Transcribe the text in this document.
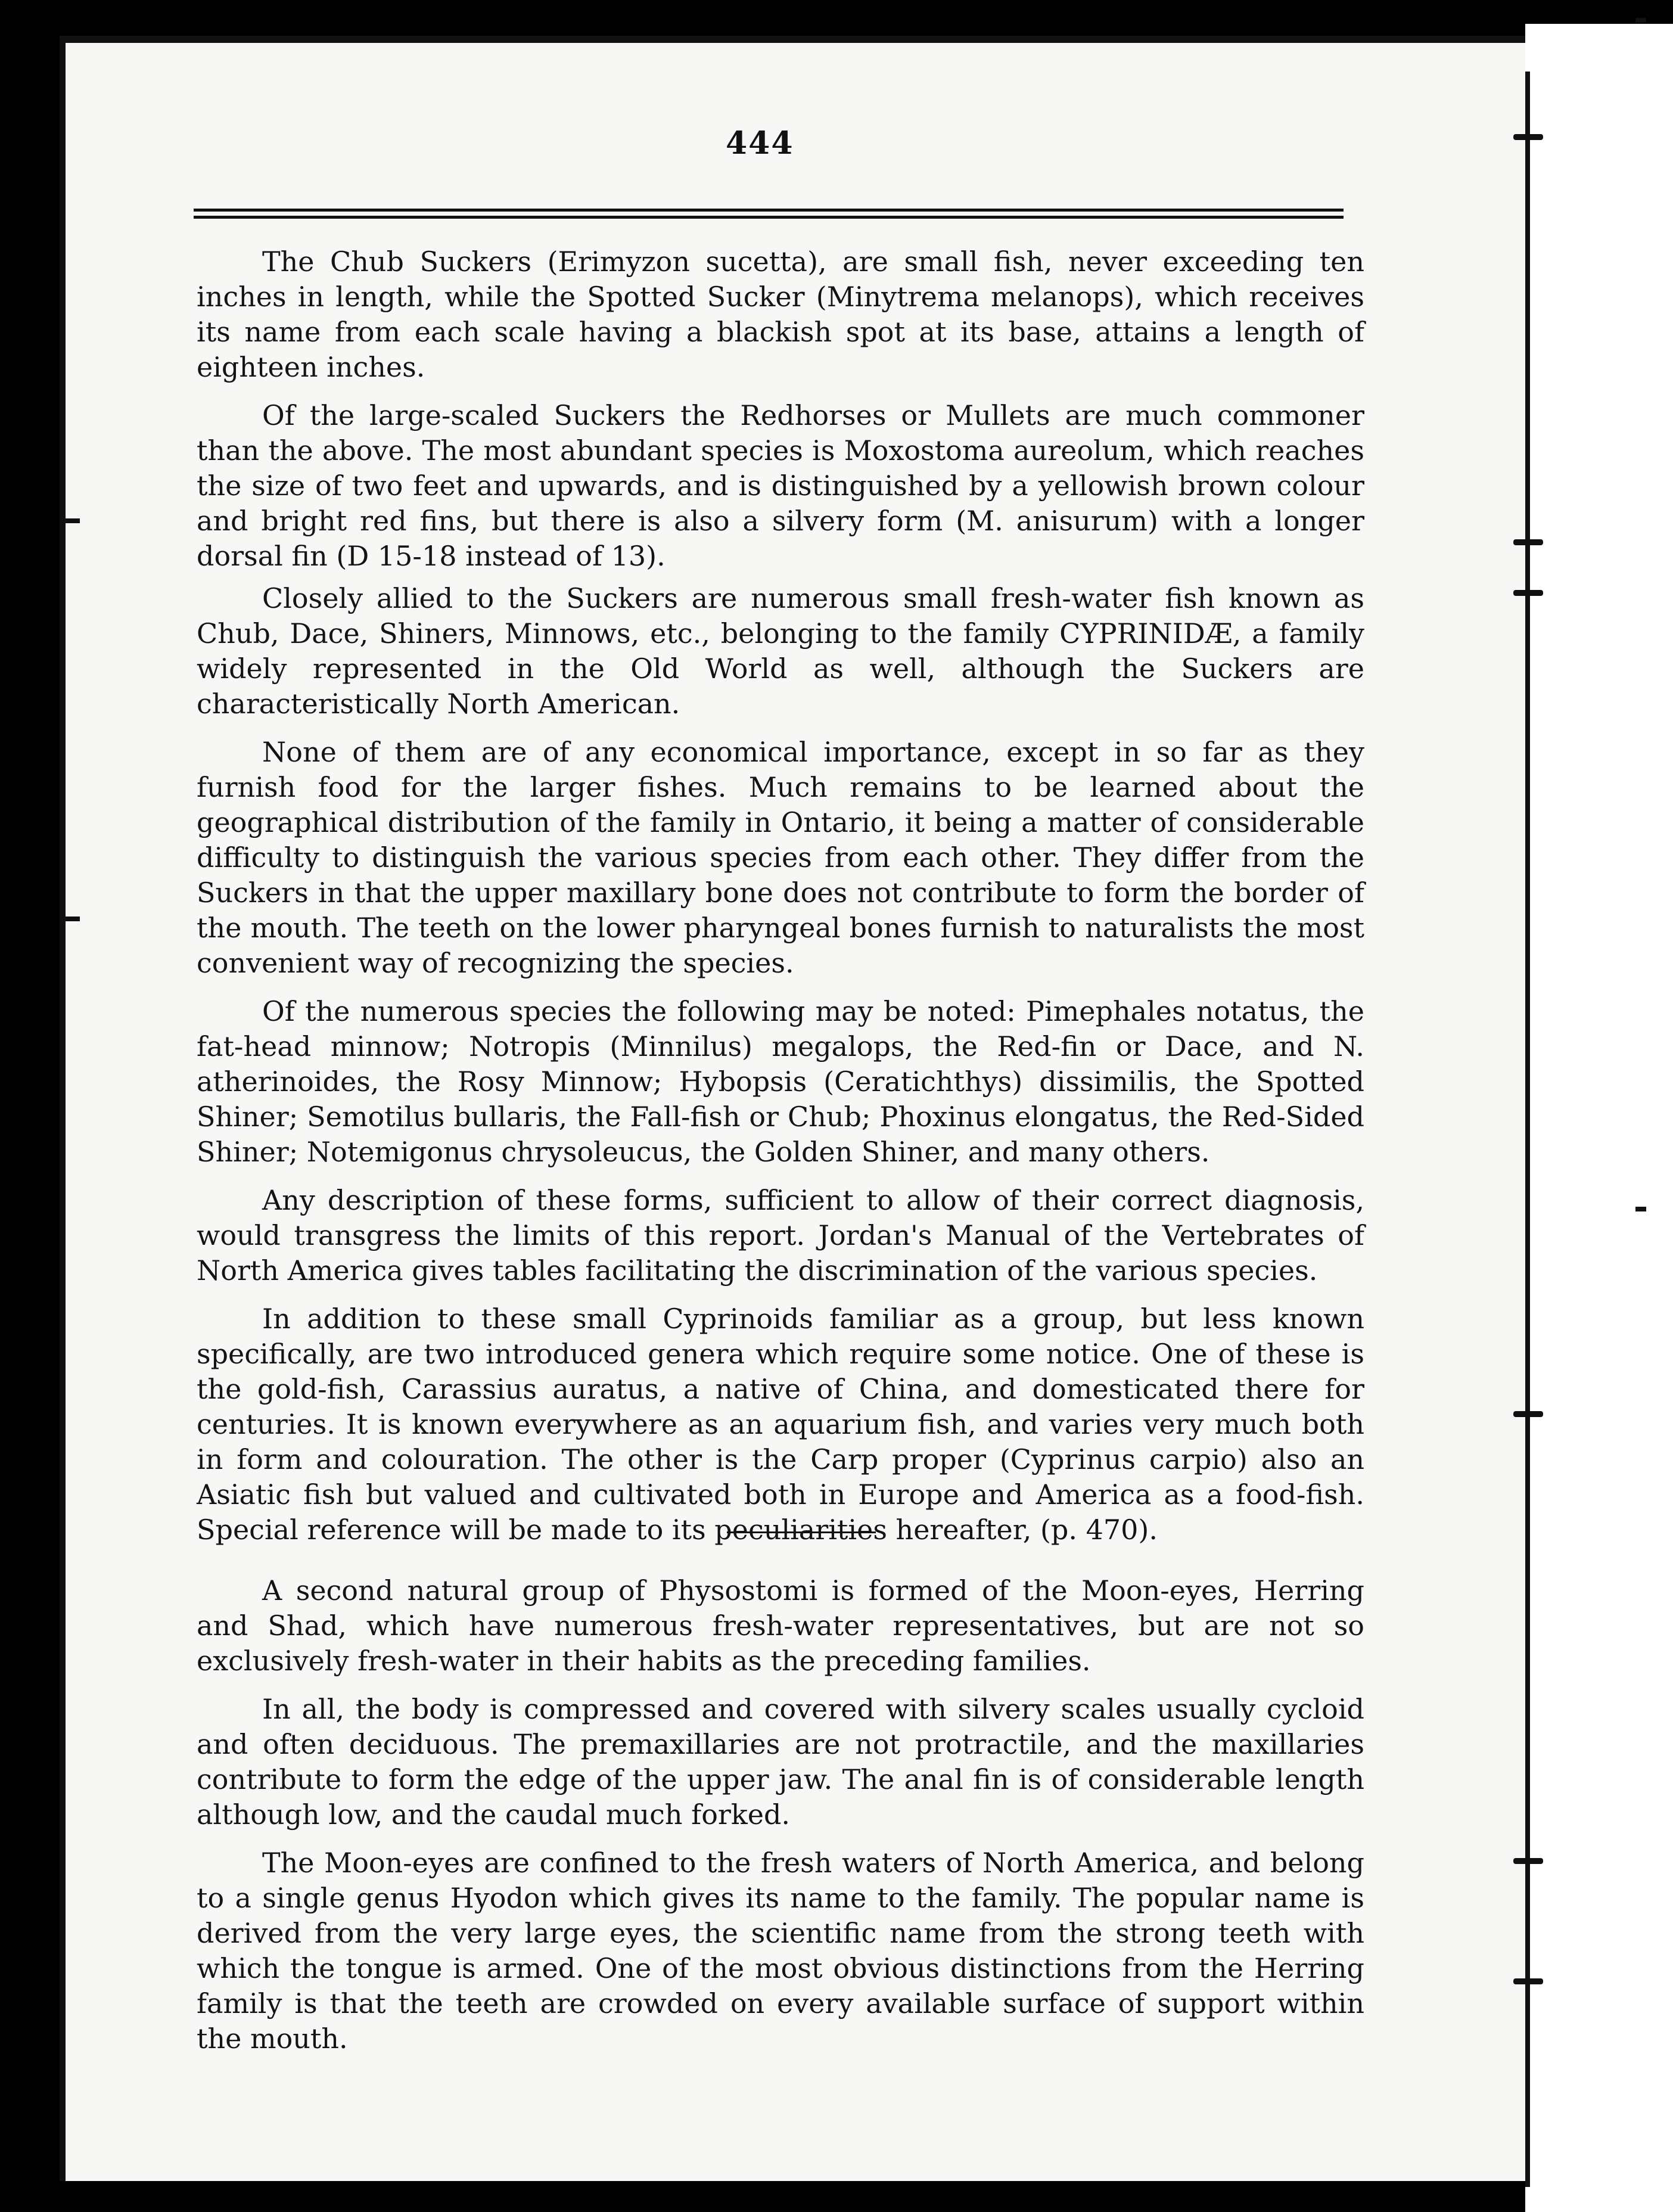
444

The Chub Suckers (Erimyzon sucetta), are small fish, never exceeding ten inches in length, while the Spotted Sucker (Minytrema melanops), which receives its name from each scale having a blackish spot at its base, attains a length of eighteen inches.

Of the large-scaled Suckers the Redhorses or Mullets are much commoner than the above. The most abundant species is Moxostoma aureolum, which reaches the size of two feet and upwards, and is distinguished by a yellowish brown colour and bright red fins, but there is also a silvery form (M. anisurum) with a longer dorsal fin (D 15-18 instead of 13).

Closely allied to the Suckers are numerous small fresh-water fish known as Chub, Dace, Shiners, Minnows, etc., belonging to the family CYPRINIDÆ, a family widely represented in the Old World as well, although the Suckers are characteristically North American.

None of them are of any economical importance, except in so far as they furnish food for the larger fishes. Much remains to be learned about the geographical distribution of the family in Ontario, it being a matter of considerable difficulty to distinguish the various species from each other. They differ from the Suckers in that the upper maxillary bone does not contribute to form the border of the mouth. The teeth on the lower pharyngeal bones furnish to naturalists the most convenient way of recognizing the species.

Of the numerous species the following may be noted: Pimephales notatus, the fat-head minnow; Notropis (Minnilus) megalops, the Red-fin or Dace, and N. atherinoides, the Rosy Minnow; Hybopsis (Ceratichthys) dissimilis, the Spotted Shiner; Semotilus bullaris, the Fall-fish or Chub; Phoxinus elongatus, the Red-Sided Shiner; Notemigonus chrysoleucus, the Golden Shiner, and many others.

Any description of these forms, sufficient to allow of their correct diagnosis, would transgress the limits of this report. Jordan's Manual of the Vertebrates of North America gives tables facilitating the discrimination of the various species.

In addition to these small Cyprinoids familiar as a group, but less known specifically, are two introduced genera which require some notice. One of these is the gold-fish, Carassius auratus, a native of China, and domesticated there for centuries. It is known everywhere as an aquarium fish, and varies very much both in form and colouration. The other is the Carp proper (Cyprinus carpio) also an Asiatic fish but valued and cultivated both in Europe and America as a food-fish. Special reference will be made to its peculiarities hereafter, (p. 470).

A second natural group of Physostomi is formed of the Moon-eyes, Herring and Shad, which have numerous fresh-water representatives, but are not so exclusively fresh-water in their habits as the preceding families.

In all, the body is compressed and covered with silvery scales usually cycloid and often deciduous. The premaxillaries are not protractile, and the maxillaries contribute to form the edge of the upper jaw. The anal fin is of considerable length although low, and the caudal much forked.

The Moon-eyes are confined to the fresh waters of North America, and belong to a single genus Hyodon which gives its name to the family. The popular name is derived from the very large eyes, the scientific name from the strong teeth with which the tongue is armed. One of the most obvious distinctions from the Herring family is that the teeth are crowded on every available surface of support within the mouth.
